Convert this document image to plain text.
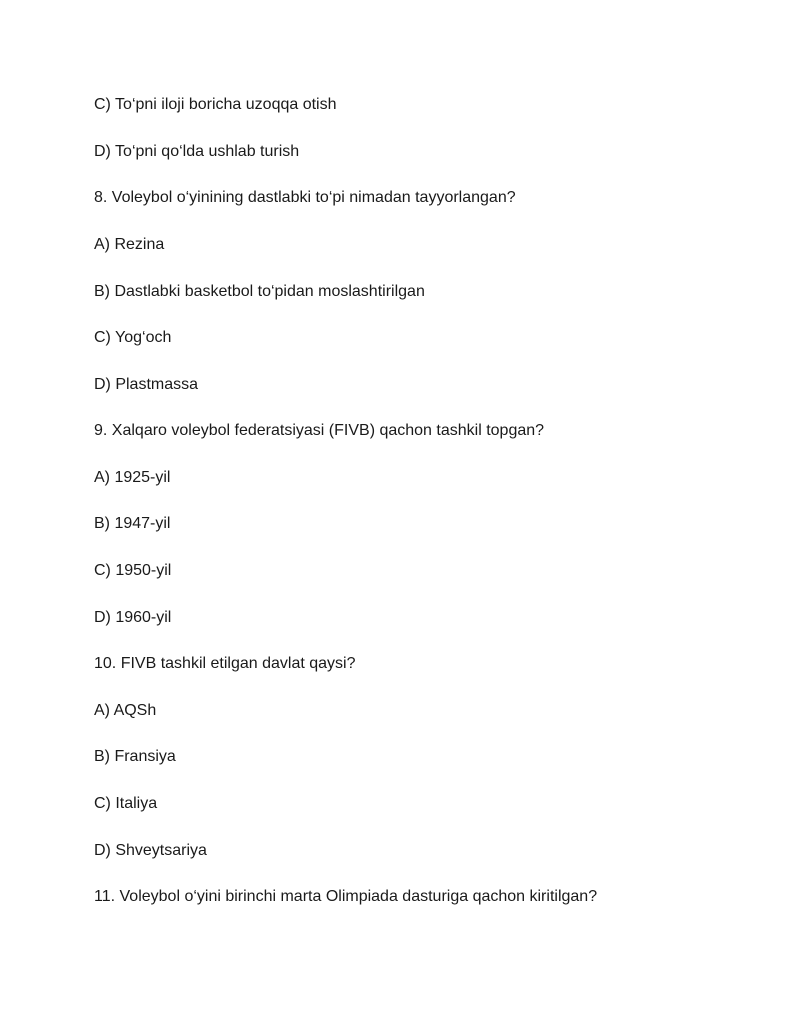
C) To‘pni iloji boricha uzoqqa otish

D) To‘pni qo‘lda ushlab turish

8. Voleybol o‘yinining dastlabki to‘pi nimadan tayyorlangan?

A) Rezina

B) Dastlabki basketbol to‘pidan moslashtirilgan

C) Yog‘och

D) Plastmassa

9. Xalqaro voleybol federatsiyasi (FIVB) qachon tashkil topgan?

A) 1925-yil

B) 1947-yil

C) 1950-yil

D) 1960-yil

10. FIVB tashkil etilgan davlat qaysi?

A) AQSh

B) Fransiya

C) Italiya

D) Shveytsariya

11. Voleybol o‘yini birinchi marta Olimpiada dasturiga qachon kiritilgan?
